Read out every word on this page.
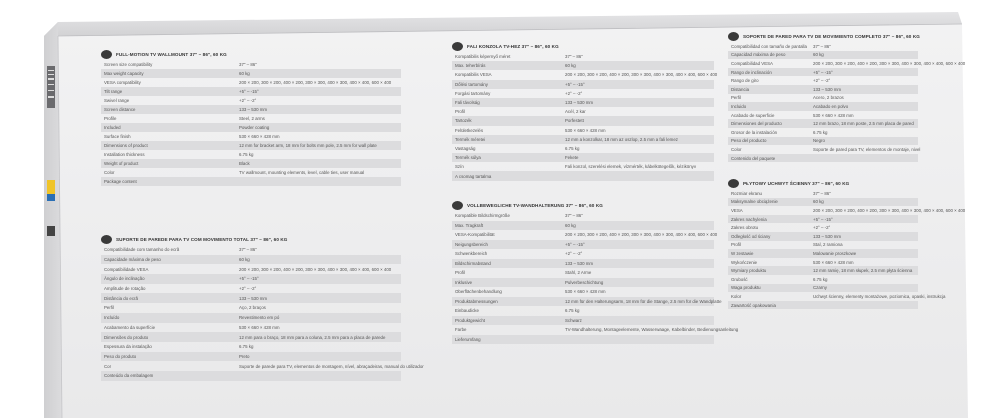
FULL-MOTION TV WALLMOUNT 37" – 86", 60 KG
Screen size compatibility	37" – 86"
Max weight capacity	60 kg
VESA compatibility	200 × 200, 300 × 200, 400 × 200, 300 × 300, 400 × 300, 400 × 400, 600 × 400
Tilt range	+5° – -15°
Swivel range	+2° – -2°
Screen distance	133 – 530 mm
Profile	Steel, 2 arms
Included	Powder coating
Surface finish	530 × 660 × 428 mm
Dimensions of product	12 mm for bracket arm, 18 mm for bolts mm pole, 2.5 mm for wall plate
Installation thickness	6.75 kg
Weight of product	Black
Color	TV wallmount, mounting elements, level, cable ties, user manual
Package content
SUPORTE DE PAREDE PARA TV COM MOVIMENTO TOTAL 37" – 86", 60 KG
Compatibilidade com tamanho do ecrã	37" – 86"
Capacidade máxima de peso	60 kg
Compatibilidade VESA	200 × 200, 300 × 200, 400 × 200, 300 × 300, 400 × 300, 400 × 400, 600 × 400
Ângulo de inclinação	+5° – -15°
Amplitude de rotação	+2° – -2°
Distância do ecrã	133 – 530 mm
Perfil	Aço, 2 braços
Incluído	Revestimento em pó
Acabamento da superfície	530 × 660 × 428 mm
Dimensões do produto	12 mm para o braço, 18 mm para a coluna, 2.5 mm para a placa de parede
Espessura da instalação	6.75 kg
Peso do produto	Preto
Cor	Suporte de parede para TV, elementos de montagem, nível, abraçadeiras, manual do utilizador
Conteúdo da embalagem
FALI KONZOLA TV-HEZ 37" – 86", 60 KG
Kompatibilis képernyő méret	37" – 86"
Max. teherbírás	60 kg
Kompatibilis VESA	200 × 200, 300 × 200, 400 × 200, 300 × 300, 400 × 300, 400 × 400, 600 × 400
Dőlési tartomány	+5° – -15°
Forgási tartomány	+2° – -2°
Fali távolság	133 – 530 mm
Profil	Acél, 2 kar
Tartozék	Porfestett
Felületkezelés	530 × 660 × 428 mm
Termék méretei	12 mm a konzolkar, 18 mm az oszlop, 2.5 mm a fali lemez
Vastagság	6.75 kg
Termék súlya	Fekete
Szín	Fali konzol, szerelési elemek, vízmérték, kábelkötegelők, kézikönyv
A csomag tartalma
VOLLBEWEGLICHE TV-WANDHALTERUNG 37" – 86", 60 KG
Kompatible Bildschirmgröße	37" – 86"
Max. Tragkraft	60 kg
VESA-Kompatibilität	200 × 200, 300 × 200, 400 × 200, 300 × 300, 400 × 300, 400 × 400, 600 × 400
Neigungsbereich	+5° – -15°
Schwenkbereich	+2° – -2°
Bildschirmabstand	133 – 530 mm
Profil	Stahl, 2 Arme
Inklusive	Pulverbeschichtung
Oberflächenbehandlung	530 × 660 × 428 mm
Produktabmessungen	12 mm für den Halterungsarm, 18 mm für die Stange, 2.5 mm für die Wandplatte
Einbaudicke	6.75 kg
Produktgewicht	Schwarz
Farbe	TV-Wandhalterung, Montageelemente, Wasserwaage, Kabelbinder, Bedienungsanleitung
Lieferumfang
SOPORTE DE PARED PARA TV DE MOVIMIENTO COMPLETO 37" – 86", 60 KG
Compatibilidad con tamaño de pantalla	37" – 86"
Capacidad máxima de peso	60 kg
Compatibilidad VESA	200 × 200, 300 × 200, 400 × 200, 300 × 300, 400 × 300, 400 × 400, 600 × 400
Rango de inclinación	+5° – -15°
Rango de giro	+2° – -2°
Distancia	133 – 530 mm
Perfil	Acero, 2 brazos
Incluido	Acabado en polvo
Acabado de superficie	530 × 660 × 428 mm
Dimensiones del producto	12 mm brazo, 18 mm poste, 2.5 mm placa de pared
Grosor de la instalación	6.75 kg
Peso del producto	Negro
Color	Soporte de pared para TV, elementos de montaje, nivel
Contenido del paquete
PŁYTOWY UCHWYT ŚCIENNY 37" – 86", 60 KG
Rozmiar ekranu	37" – 86"
Maksymalne obciążenie	60 kg
VESA	200 × 200, 300 × 200, 400 × 200, 300 × 300, 400 × 300, 400 × 400, 600 × 400
Zakres nachylenia	+5° – -15°
Zakres obrotu	+2° – -2°
Odległość od ściany	133 – 530 mm
Profil	Stal, 2 ramiona
W zestawie	Malowanie proszkowe
Wykończenie	530 × 660 × 428 mm
Wymiary produktu	12 mm ramię, 18 mm słupek, 2.5 mm płyta ścienna
Grubość	6.75 kg
Waga produktu	Czarny
Kolor	Uchwyt ścienny, elementy montażowe, poziomica, opaski, instrukcja
Zawartość opakowania
